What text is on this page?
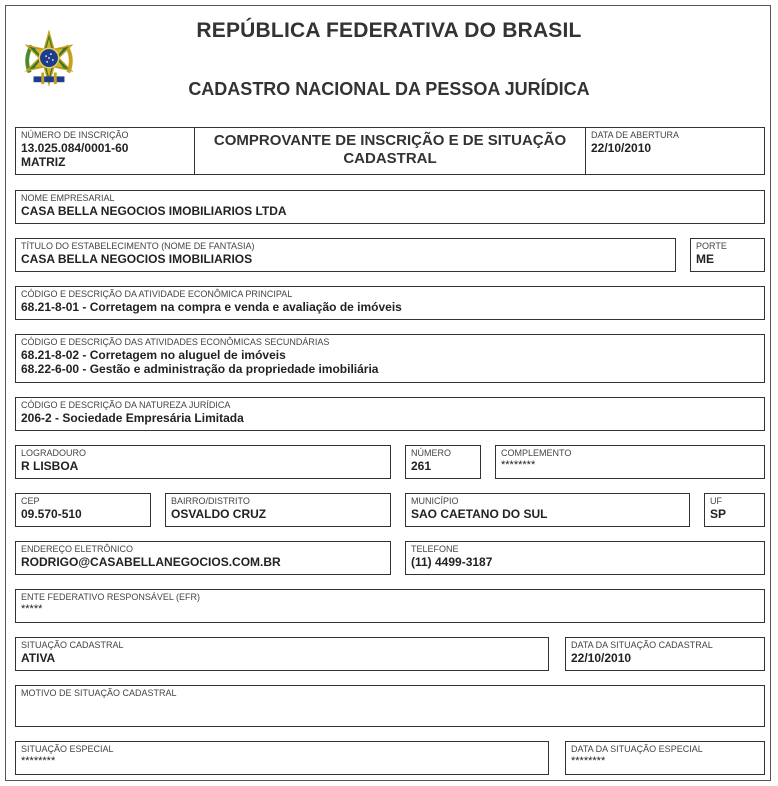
REPÚBLICA FEDERATIVA DO BRASIL
CADASTRO NACIONAL DA PESSOA JURÍDICA
NÚMERO DE INSCRIÇÃO
13.025.084/0001-60
MATRIZ
COMPROVANTE DE INSCRIÇÃO E DE SITUAÇÃO
CADASTRAL
DATA DE ABERTURA
22/10/2010
NOME EMPRESARIAL
CASA BELLA NEGOCIOS IMOBILIARIOS LTDA
TÍTULO DO ESTABELECIMENTO (NOME DE FANTASIA)
CASA BELLA NEGOCIOS IMOBILIARIOS
PORTE
ME
CÓDIGO E DESCRIÇÃO DA ATIVIDADE ECONÔMICA PRINCIPAL
68.21-8-01 - Corretagem na compra e venda e avaliação de imóveis
CÓDIGO E DESCRIÇÃO DAS ATIVIDADES ECONÔMICAS SECUNDÁRIAS
68.21-8-02 - Corretagem no aluguel de imóveis
68.22-6-00 - Gestão e administração da propriedade imobiliária
CÓDIGO E DESCRIÇÃO DA NATUREZA JURÍDICA
206-2 - Sociedade Empresária Limitada
LOGRADOURO
R LISBOA
NÚMERO
261
COMPLEMENTO
********
CEP
09.570-510
BAIRRO/DISTRITO
OSVALDO CRUZ
MUNICÍPIO
SAO CAETANO DO SUL
UF
SP
ENDEREÇO ELETRÔNICO
RODRIGO@CASABELLANEGOCIOS.COM.BR
TELEFONE
(11) 4499-3187
ENTE FEDERATIVO RESPONSÁVEL (EFR)
*****
SITUAÇÃO CADASTRAL
ATIVA
DATA DA SITUAÇÃO CADASTRAL
22/10/2010
MOTIVO DE SITUAÇÃO CADASTRAL
SITUAÇÃO ESPECIAL
********
DATA DA SITUAÇÃO ESPECIAL
********
